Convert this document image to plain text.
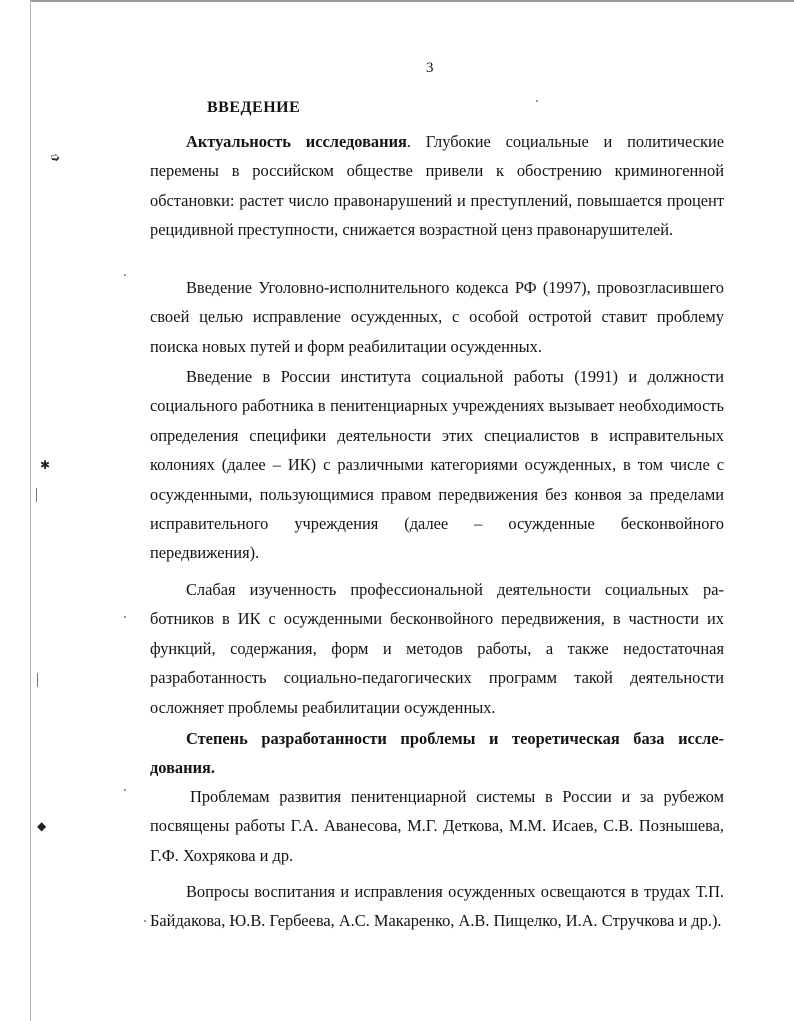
➭
✱
◆
3
ВВЕДЕНИЕ

Актуальность исследования. Глубокие социальные и политические перемены в российском обществе привели к обострению криминогенной обстановки: растет число правонарушений и преступлений, повышается процент рецидивной преступности, снижается возрастной ценз правонарушителей.

Введение Уголовно-исполнительного кодекса РФ (1997), провозгласившего своей целью исправление осужденных, с особой остротой ставит проблему поиска новых путей и форм реабилитации осужденных.

Введение в России института социальной работы (1991) и должности социального работника в пенитенциарных учреждениях вызывает необходимость определения специфики деятельности этих специалистов в исправительных колониях (далее – ИК) с различными категориями осужденных, в том числе с осужденными, пользующимися правом передвижения без конвоя за пределами исправительного учреждения (далее – осужденные бесконвойного передвижения).

Слабая изученность профессиональной деятельности социальных работников в ИК с осужденными бесконвойного передвижения, в частности их функций, содержания, форм и методов работы, а также недостаточная разработанность социально-педагогических программ такой деятельности осложняет проблемы реабилитации осужденных.

Степень разработанности проблемы и теоретическая база исследования.

Проблемам развития пенитенциарной системы в России и за рубежом посвящены работы Г.А. Аванесова, М.Г. Деткова, М.М. Исаев, С.В. Познышева, Г.Ф. Хохрякова и др.

Вопросы воспитания и исправления осужденных освещаются в трудах Т.П. Байдакова, Ю.В. Гербеева, А.С. Макаренко, А.В. Пищелко, И.А. Стручкова и др.).
